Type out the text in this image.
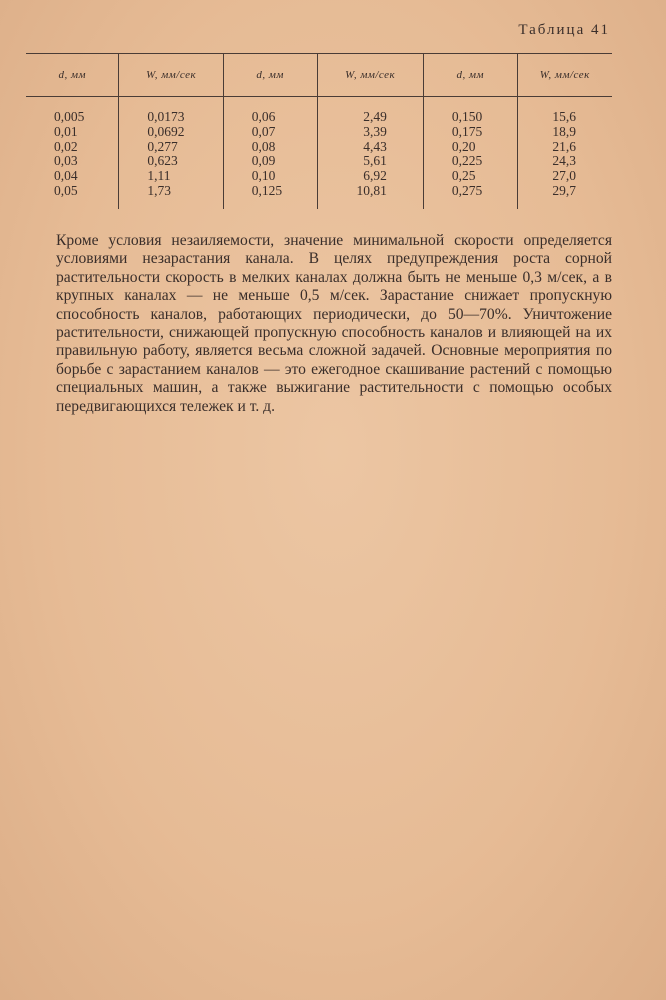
Таблица 41
d, мм	W, мм/сек	d, мм	W, мм/сек	d, мм	W, мм/сек

0,005	0,0173	0,06	2,49	0,150	15,6
0,01	0,0692	0,07	3,39	0,175	18,9
0,02	0,277	0,08	4,43	0,20	21,6
0,03	0,623	0,09	5,61	0,225	24,3
0,04	1,11	0,10	6,92	0,25	27,0
0,05	1,73	0,125	10,81	0,275	29,7

Кроме условия незаиляемости, значение минимальной скорости определяется условиями незарастания канала. В целях предупреждения роста сорной растительности скорость в мелких каналах должна быть не меньше 0,3 м/сек, а в крупных каналах — не меньше 0,5 м/сек. Зарастание снижает пропускную способность каналов, работающих периодически, до 50—70%. Уничтожение растительности, снижающей пропускную способность каналов и влияющей на их правильную работу, является весьма сложной задачей. Основные мероприятия по борьбе с зарастанием каналов — это ежегодное скашивание растений с помощью специальных машин, а также выжигание растительности с помощью особых передвигающихся тележек и т. д.
